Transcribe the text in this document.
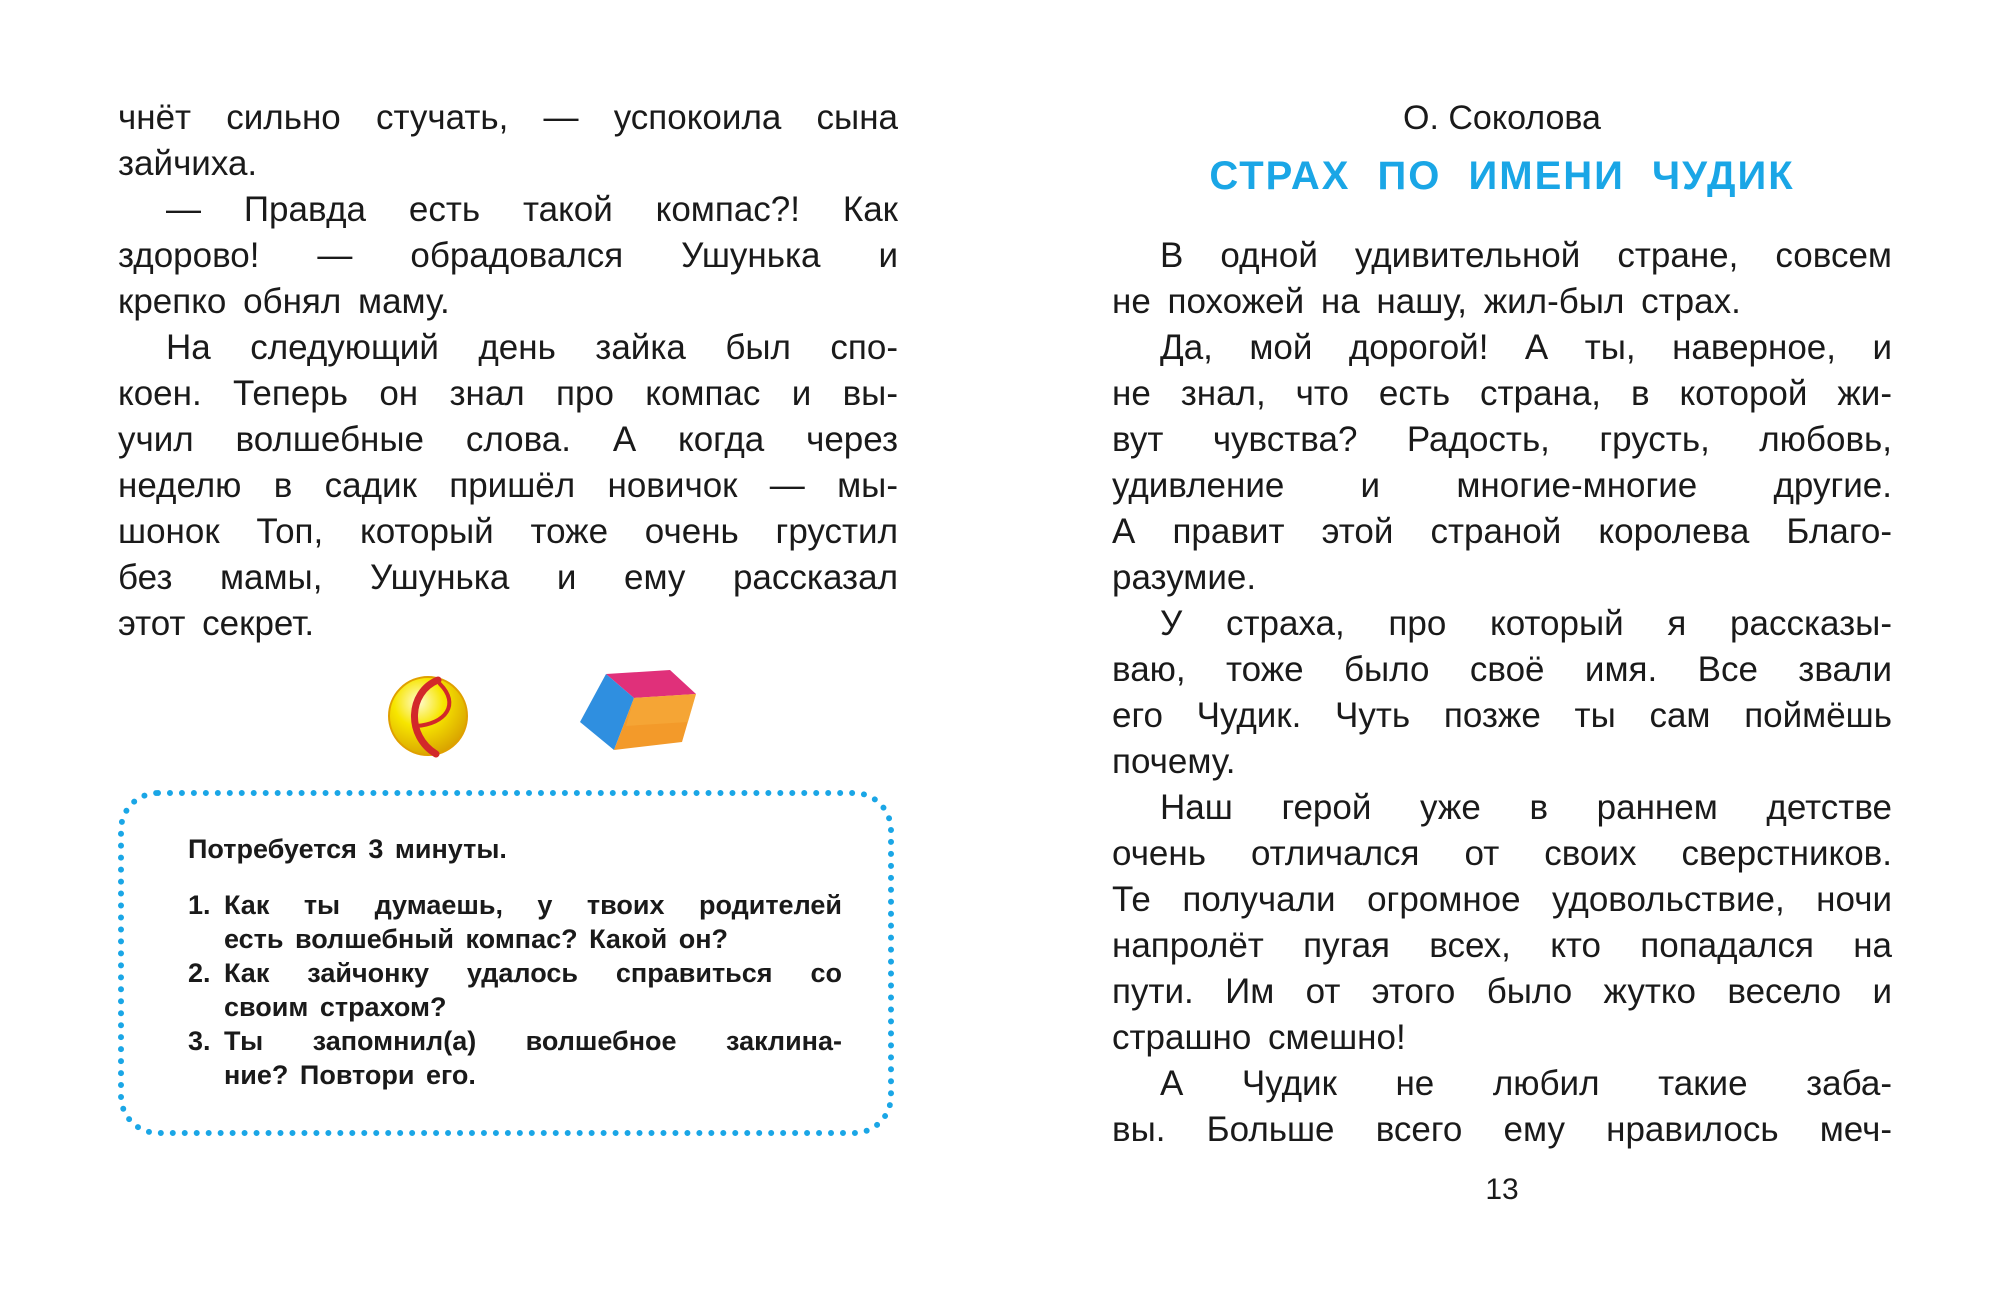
чнёт сильно стучать, — успокоила сына
зайчиха.
— Правда есть такой компас?! Как
здорово! — обрадовался Ушунька и
крепко обнял маму.
На следующий день зайка был спо-
коен. Теперь он знал про компас и вы-
учил волшебные слова. А когда через
неделю в садик пришёл новичок — мы-
шонок Топ, который тоже очень грустил
без мамы, Ушунька и ему рассказал
этот секрет.
Потребуется 3 минуты.
1. Как ты думаешь, у твоих родителей
есть волшебный компас? Какой он?
2. Как зайчонку удалось справиться со
своим страхом?
3. Ты запомнил(а) волшебное заклина-
ние? Повтори его.
О. Соколова
СТРАХ ПО ИМЕНИ ЧУДИК
В одной удивительной стране, совсем
не похожей на нашу, жил-был страх.
Да, мой дорогой! А ты, наверное, и
не знал, что есть страна, в которой жи-
вут чувства? Радость, грусть, любовь,
удивление и многие-многие другие.
А правит этой страной королева Благо-
разумие.
У страха, про который я рассказы-
ваю, тоже было своё имя. Все звали
его Чудик. Чуть позже ты сам поймёшь
почему.
Наш герой уже в раннем детстве
очень отличался от своих сверстников.
Те получали огромное удовольствие, ночи
напролёт пугая всех, кто попадался на
пути. Им от этого было жутко весело и
страшно смешно!
А Чудик не любил такие заба-
вы. Больше всего ему нравилось меч-
13
